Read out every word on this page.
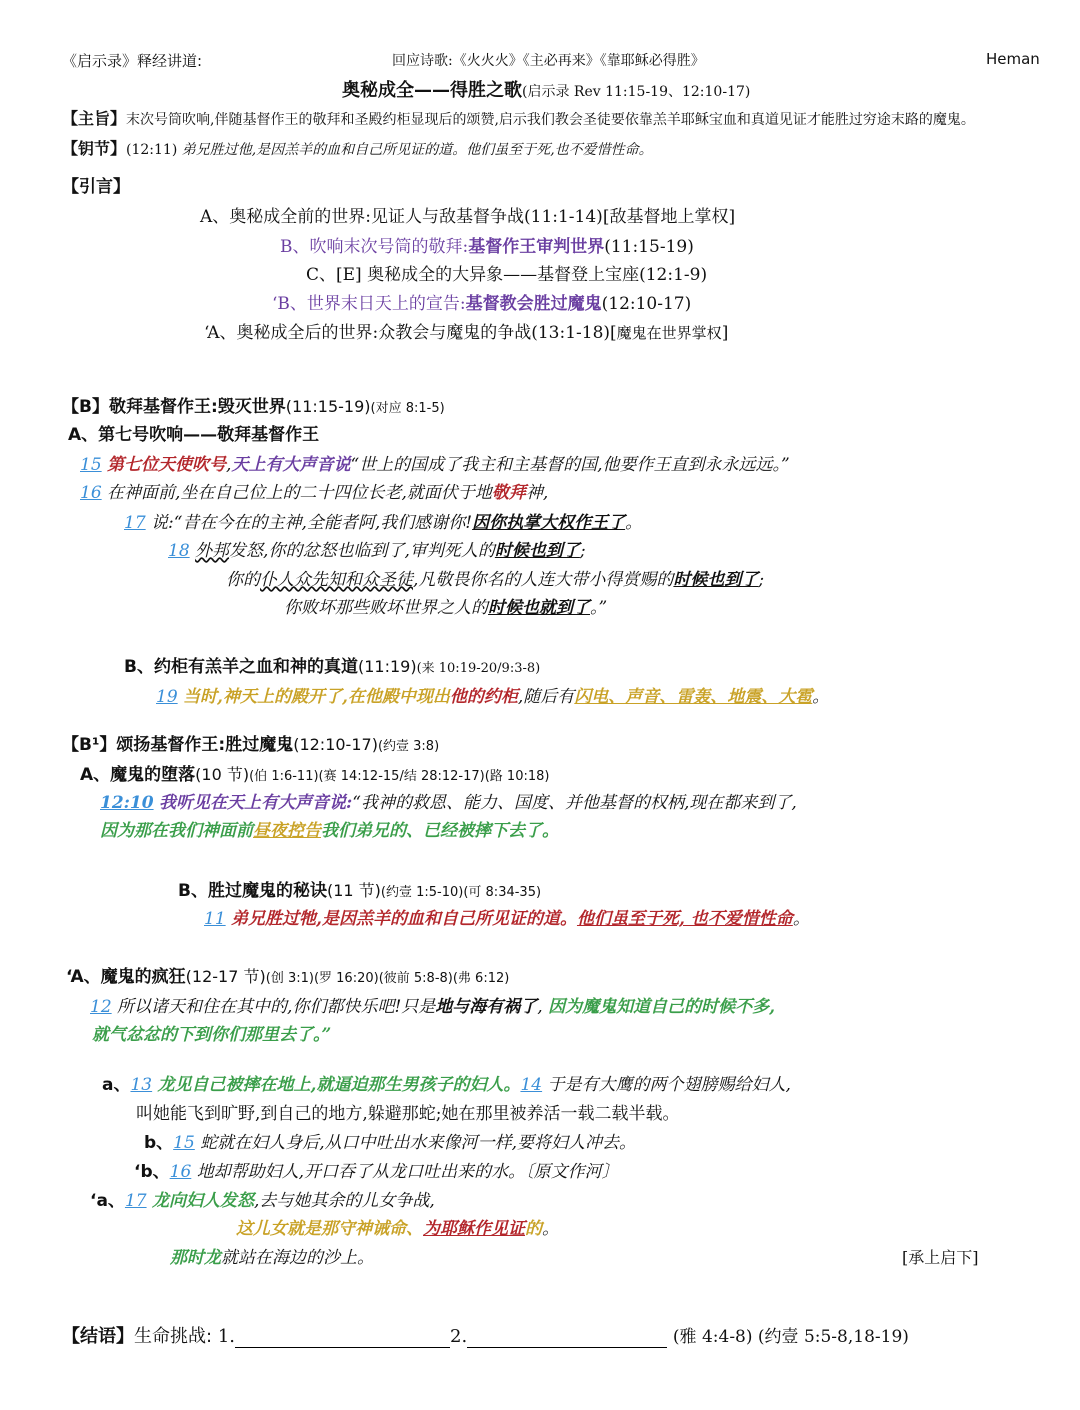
《启示录》释经讲道:	回应诗歌:《火火火》《主必再来》《靠耶稣必得胜》	Heman
奥秘成全——得胜之歌(启示录 Rev 11:15-19、12:10-17)
【主旨】末次号筒吹响,伴随基督作王的敬拜和圣殿约柜显现后的颂赞,启示我们教会圣徒要依靠羔羊耶稣宝血和真道见证才能胜过穷途末路的魔鬼。
【钥节】(12:11) 弟兄胜过他,是因羔羊的血和自己所见证的道。他们虽至于死,也不爱惜性命。
【引言】
A、奥秘成全前的世界:见证人与敌基督争战(11:1-14)[敌基督地上掌权]
B、吹响末次号筒的敬拜:基督作王审判世界(11:15-19)
C、[E] 奥秘成全的大异象——基督登上宝座(12:1-9)
‘B、世界末日天上的宣告:基督教会胜过魔鬼(12:10-17)
‘A、奥秘成全后的世界:众教会与魔鬼的争战(13:1-18)[魔鬼在世界掌权]
【B】敬拜基督作王:毁灭世界(11:15-19)(对应 8:1-5)
A、第七号吹响——敬拜基督作王
15 第七位天使吹号,天上有大声音说“世上的国成了我主和主基督的国,他要作王直到永永远远。”
16 在神面前,坐在自己位上的二十四位长老,就面伏于地敬拜神,
17 说:“昔在今在的主神,全能者阿,我们感谢你!因你执掌大权作王了。
18 外邦发怒,你的忿怒也临到了,审判死人的时候也到了;
你的仆人众先知和众圣徒,凡敬畏你名的人连大带小得赏赐的时候也到了;
你败坏那些败坏世界之人的时候也就到了。”
B、约柜有羔羊之血和神的真道(11:19)(来 10:19-20/9:3-8)
19 当时,神天上的殿开了,在他殿中现出他的约柜,随后有闪电、声音、雷轰、地震、大雹。
【B¹】颂扬基督作王:胜过魔鬼(12:10-17)(约壹 3:8)
A、魔鬼的堕落(10 节)(伯 1:6-11)(赛 14:12-15/结 28:12-17)(路 10:18)
12:10 我听见在天上有大声音说:“我神的救恩、能力、国度、并他基督的权柄,现在都来到了,
因为那在我们神面前昼夜控告我们弟兄的、已经被摔下去了。
B、胜过魔鬼的秘诀(11 节)(约壹 1:5-10)(可 8:34-35)
11 弟兄胜过牠,是因羔羊的血和自己所见证的道。他们虽至于死, 也不爱惜性命。
‘A、魔鬼的疯狂(12-17 节)(创 3:1)(罗 16:20)(彼前 5:8-8)(弗 6:12)
12 所以诸天和住在其中的,你们都快乐吧!只是地与海有祸了, 因为魔鬼知道自己的时候不多,
就气忿忿的下到你们那里去了。”
a、13 龙见自己被摔在地上,就逼迫那生男孩子的妇人。14 于是有大鹰的两个翅膀赐给妇人,
叫她能飞到旷野,到自己的地方,躲避那蛇;她在那里被养活一载二载半载。
b、15 蛇就在妇人身后,从口中吐出水来像河一样,要将妇人冲去。
‘b、16 地却帮助妇人,开口吞了从龙口吐出来的水。〔原文作河〕
‘a、17 龙向妇人发怒,去与她其余的儿女争战,
这儿女就是那守神诫命、为耶稣作见证的。
那时龙就站在海边的沙上。	[承上启下]
【结语】生命挑战: 1.	2.	(雅 4:4-8) (约壹 5:5-8,18-19)
